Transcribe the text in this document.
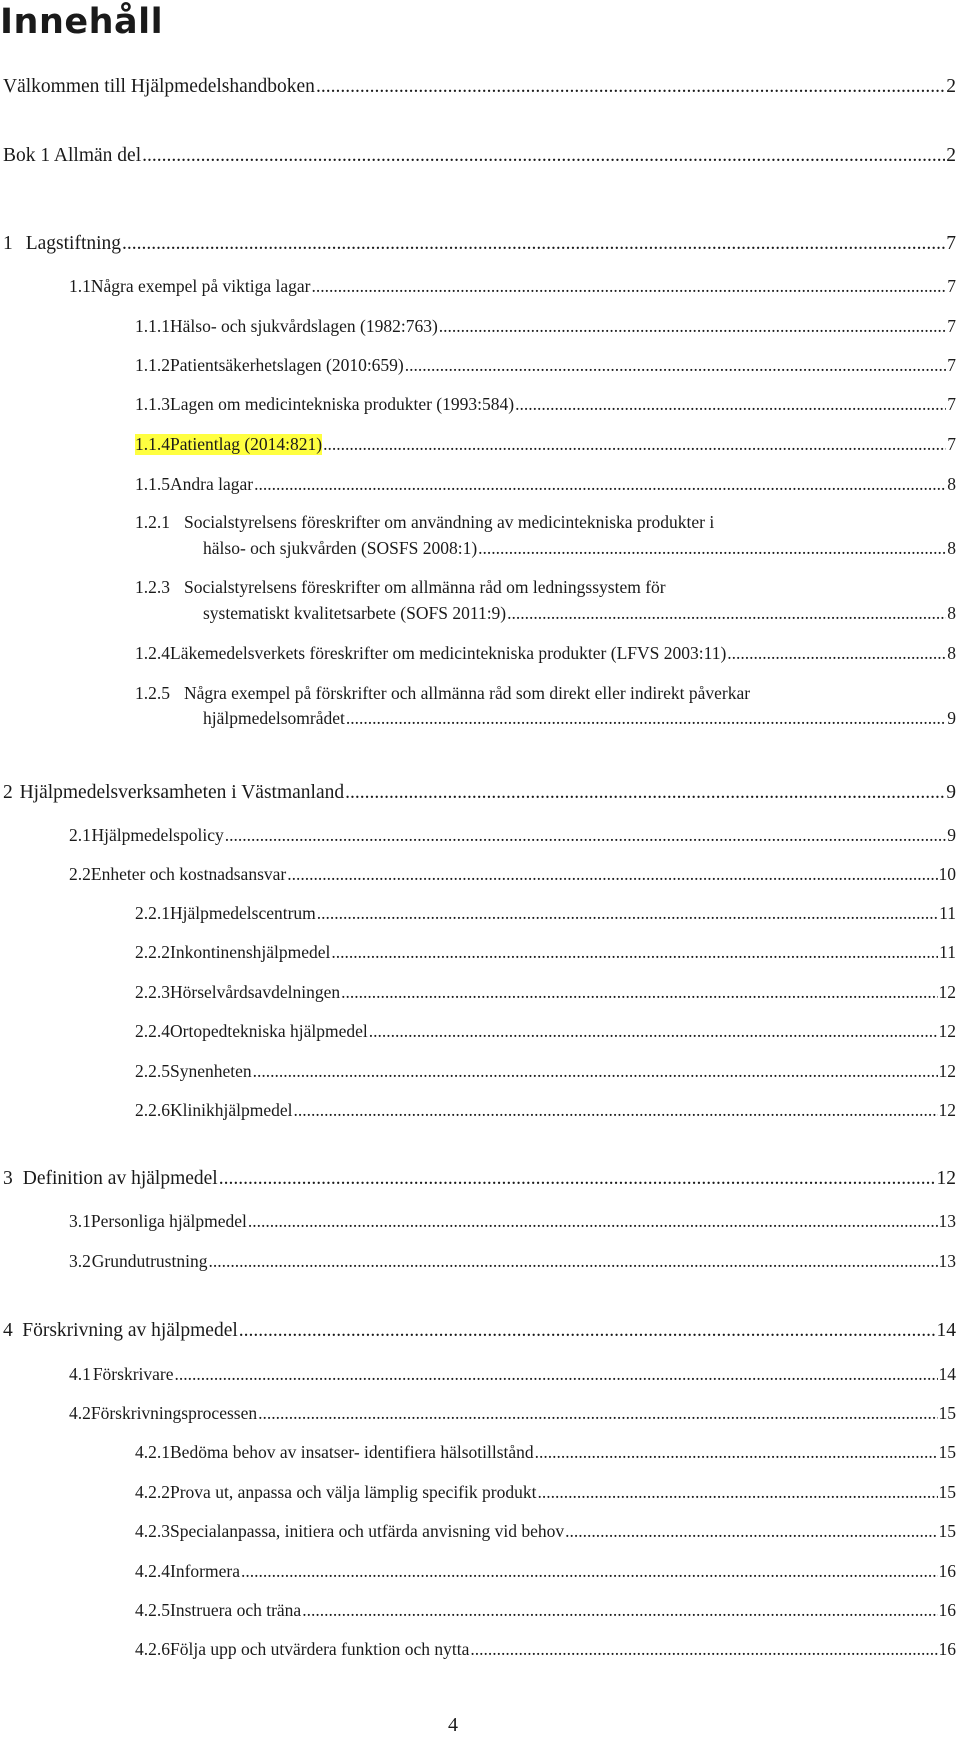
Innehåll
Välkommen till Hjälpmedelshandboken .....	2
Bok 1 Allmän del .....	2
1 Lagstiftning .....	7
1.1 Några exempel på viktiga lagar .....	7
1.1.1 Hälso- och sjukvårdslagen (1982:763) .....	7
1.1.2 Patientsäkerhetslagen (2010:659) .....	7
1.1.3 Lagen om medicintekniska produkter (1993:584) .....	7
1.1.4 Patientlag (2014:821) .....	7
1.1.5 Andra lagar .....	8
1.2.1 Socialstyrelsens föreskrifter om användning av medicintekniska produkter i
hälso- och sjukvården (SOSFS 2008:1) .....	8
1.2.3 Socialstyrelsens föreskrifter om allmänna råd om ledningssystem för
systematiskt kvalitetsarbete (SOFS 2011:9) .....	8
1.2.4 Läkemedelsverkets föreskrifter om medicintekniska produkter (LFVS 2003:11) .....	8
1.2.5 Några exempel på förskrifter och allmänna råd som direkt eller indirekt påverkar
hjälpmedelsområdet .....	9
2 Hjälpmedelsverksamheten i Västmanland .....	9
2.1 Hjälpmedelspolicy .....	9
2.2 Enheter och kostnadsansvar .....	10
2.2.1 Hjälpmedelscentrum .....	11
2.2.2 Inkontinenshjälpmedel .....	11
2.2.3 Hörselvårdsavdelningen .....	12
2.2.4 Ortopedtekniska hjälpmedel .....	12
2.2.5 Synenheten .....	12
2.2.6 Klinikhjälpmedel .....	12
3 Definition av hjälpmedel .....	12
3.1 Personliga hjälpmedel .....	13
3.2 Grundutrustning .....	13
4 Förskrivning av hjälpmedel .....	14
4.1 Förskrivare .....	14
4.2 Förskrivningsprocessen .....	15
4.2.1 Bedöma behov av insatser- identifiera hälsotillstånd .....	15
4.2.2 Prova ut, anpassa och välja lämplig specifik produkt .....	15
4.2.3 Specialanpassa, initiera och utfärda anvisning vid behov .....	15
4.2.4 Informera .....	16
4.2.5 Instruera och träna .....	16
4.2.6 Följa upp och utvärdera funktion och nytta .....	16
4
